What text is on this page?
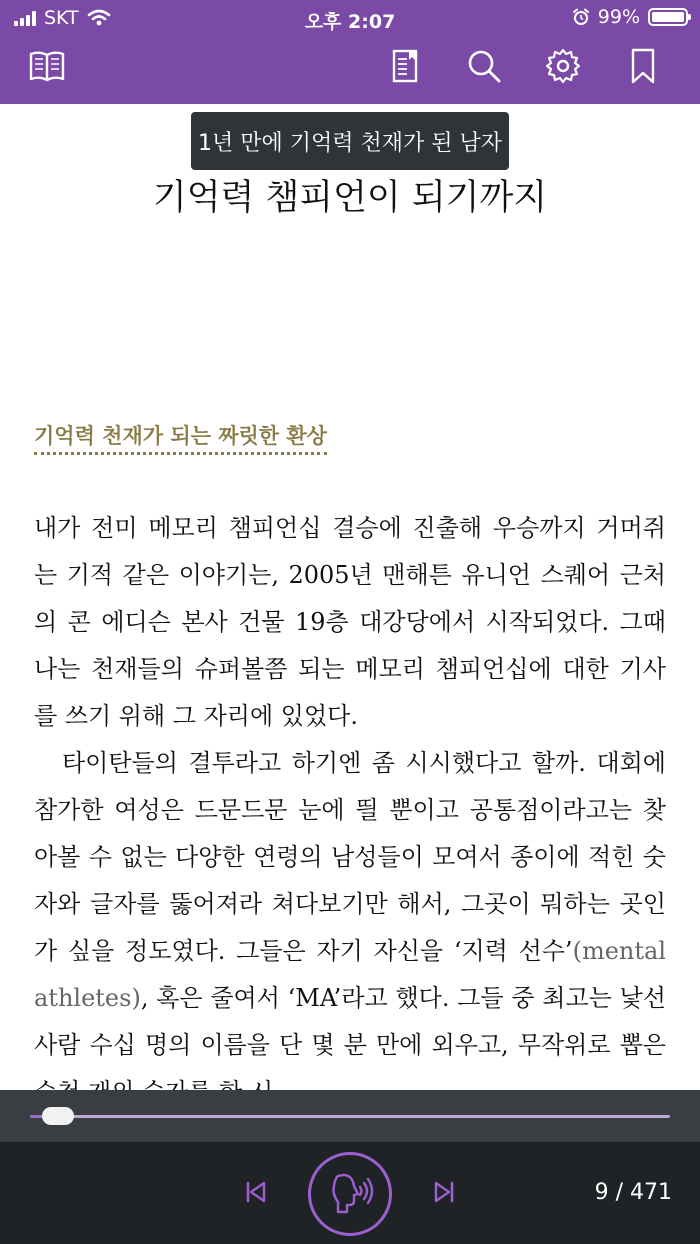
SKT	오후 2:07	99%
기억력 챔피언이 되기까지
1년 만에 기억력 천재가 된 남자
기억력 천재가 되는 짜릿한 환상

내가 전미 메모리 챔피언십 결승에 진출해 우승까지 거머쥐는 기적 같은 이야기는, 2005년 맨해튼 유니언 스퀘어 근처의 콘 에디슨 본사 건물 19층 대강당에서 시작되었다. 그때 나는 천재들의 슈퍼볼쯤 되는 메모리 챔피언십에 대한 기사를 쓰기 위해 그 자리에 있었다.

타이탄들의 결투라고 하기엔 좀 시시했다고 할까. 대회에 참가한 여성은 드문드문 눈에 띌 뿐이고 공통점이라고는 찾아볼 수 없는 다양한 연령의 남성들이 모여서 종이에 적힌 숫자와 글자를 뚫어져라 쳐다보기만 해서, 그곳이 뭐하는 곳인가 싶을 정도였다. 그들은 자기 자신을 ‘지력 선수’(mental athletes), 혹은 줄여서 ‘MA’라고 했다. 그들 중 최고는 낯선 사람 수십 명의 이름을 단 몇 분 만에 외우고, 무작위로 뽑은

9 / 471
